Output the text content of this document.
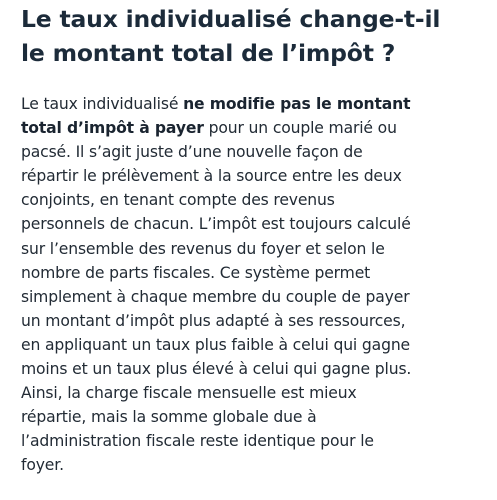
Le taux individualisé change-t-il
le montant total de l’impôt ?

Le taux individualisé ne modifie pas le montant
total d’impôt à payer pour un couple marié ou
pacsé. Il s’agit juste d’une nouvelle façon de
répartir le prélèvement à la source entre les deux
conjoints, en tenant compte des revenus
personnels de chacun. L’impôt est toujours calculé
sur l’ensemble des revenus du foyer et selon le
nombre de parts fiscales. Ce système permet
simplement à chaque membre du couple de payer
un montant d’impôt plus adapté à ses ressources,
en appliquant un taux plus faible à celui qui gagne
moins et un taux plus élevé à celui qui gagne plus.
Ainsi, la charge fiscale mensuelle est mieux
répartie, mais la somme globale due à
l’administration fiscale reste identique pour le
foyer.
